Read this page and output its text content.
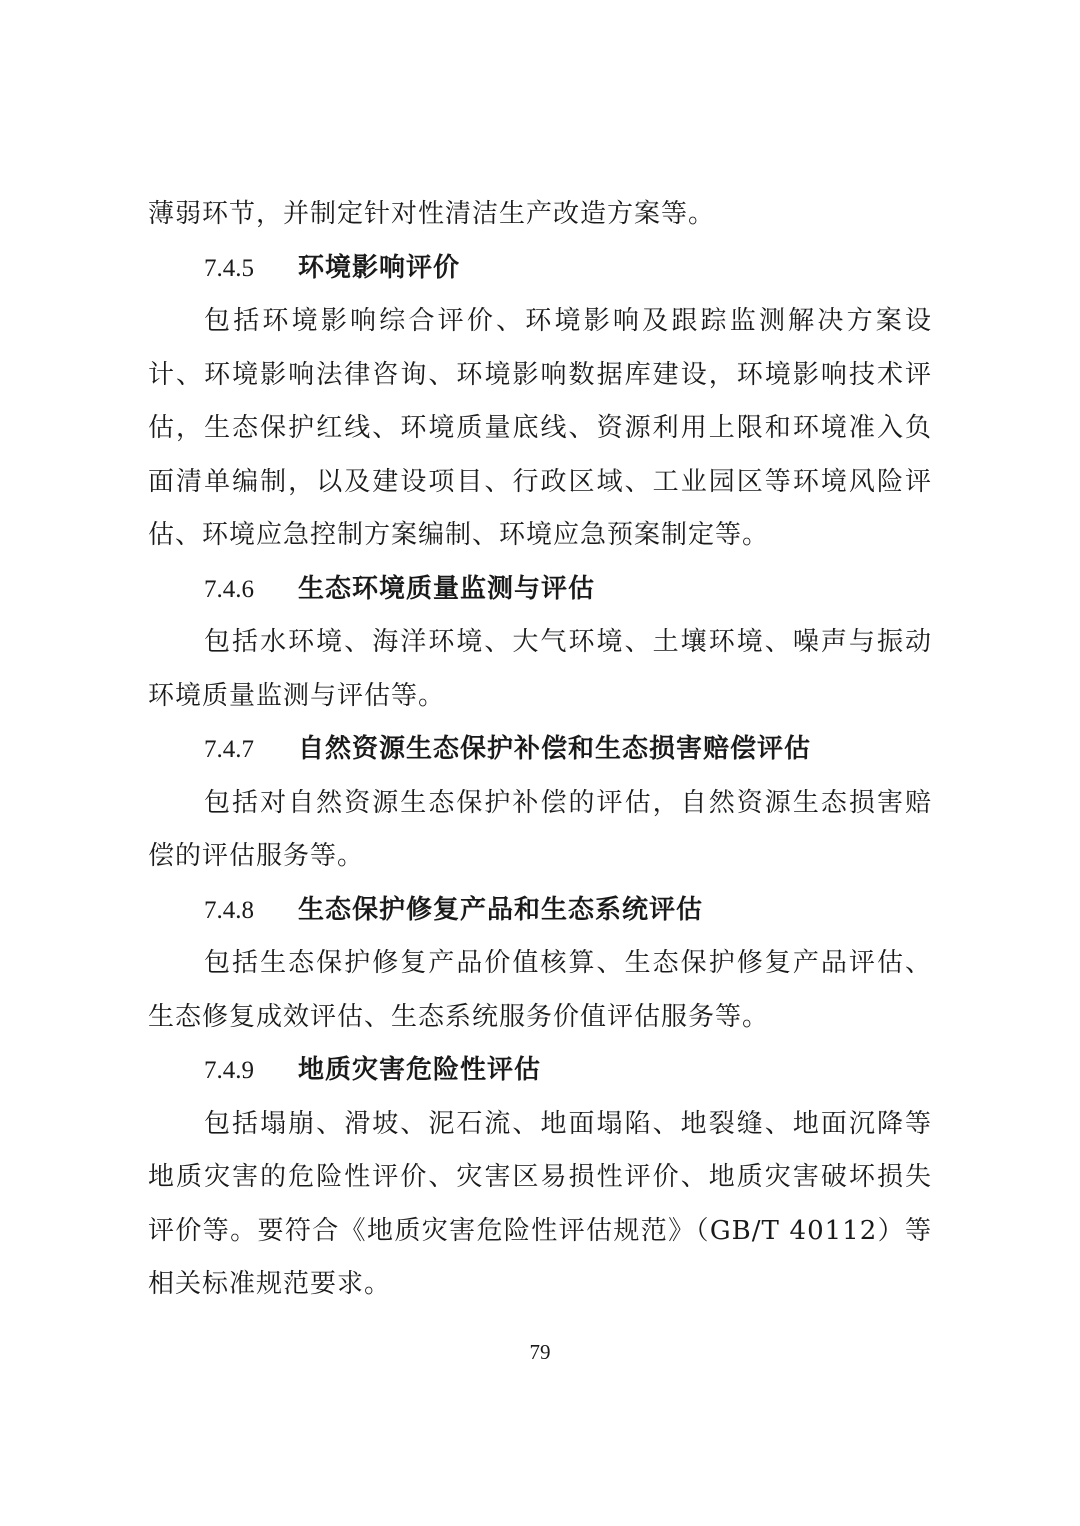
薄弱环节，并制定针对性清洁生产改造方案等。
7.4.5 环境影响评价
包括环境影响综合评价、环境影响及跟踪监测解决方案设
计、环境影响法律咨询、环境影响数据库建设，环境影响技术评
估，生态保护红线、环境质量底线、资源利用上限和环境准入负
面清单编制，以及建设项目、行政区域、工业园区等环境风险评
估、环境应急控制方案编制、环境应急预案制定等。
7.4.6 生态环境质量监测与评估
包括水环境、海洋环境、大气环境、土壤环境、噪声与振动
环境质量监测与评估等。
7.4.7 自然资源生态保护补偿和生态损害赔偿评估
包括对自然资源生态保护补偿的评估，自然资源生态损害赔
偿的评估服务等。
7.4.8 生态保护修复产品和生态系统评估
包括生态保护修复产品价值核算、生态保护修复产品评估、
生态修复成效评估、生态系统服务价值评估服务等。
7.4.9 地质灾害危险性评估
包括塌崩、滑坡、泥石流、地面塌陷、地裂缝、地面沉降等
地质灾害的危险性评价、灾害区易损性评价、地质灾害破坏损失
评价等。要符合《地质灾害危险性评估规范》（GB/T 40112）等
相关标准规范要求。
79
